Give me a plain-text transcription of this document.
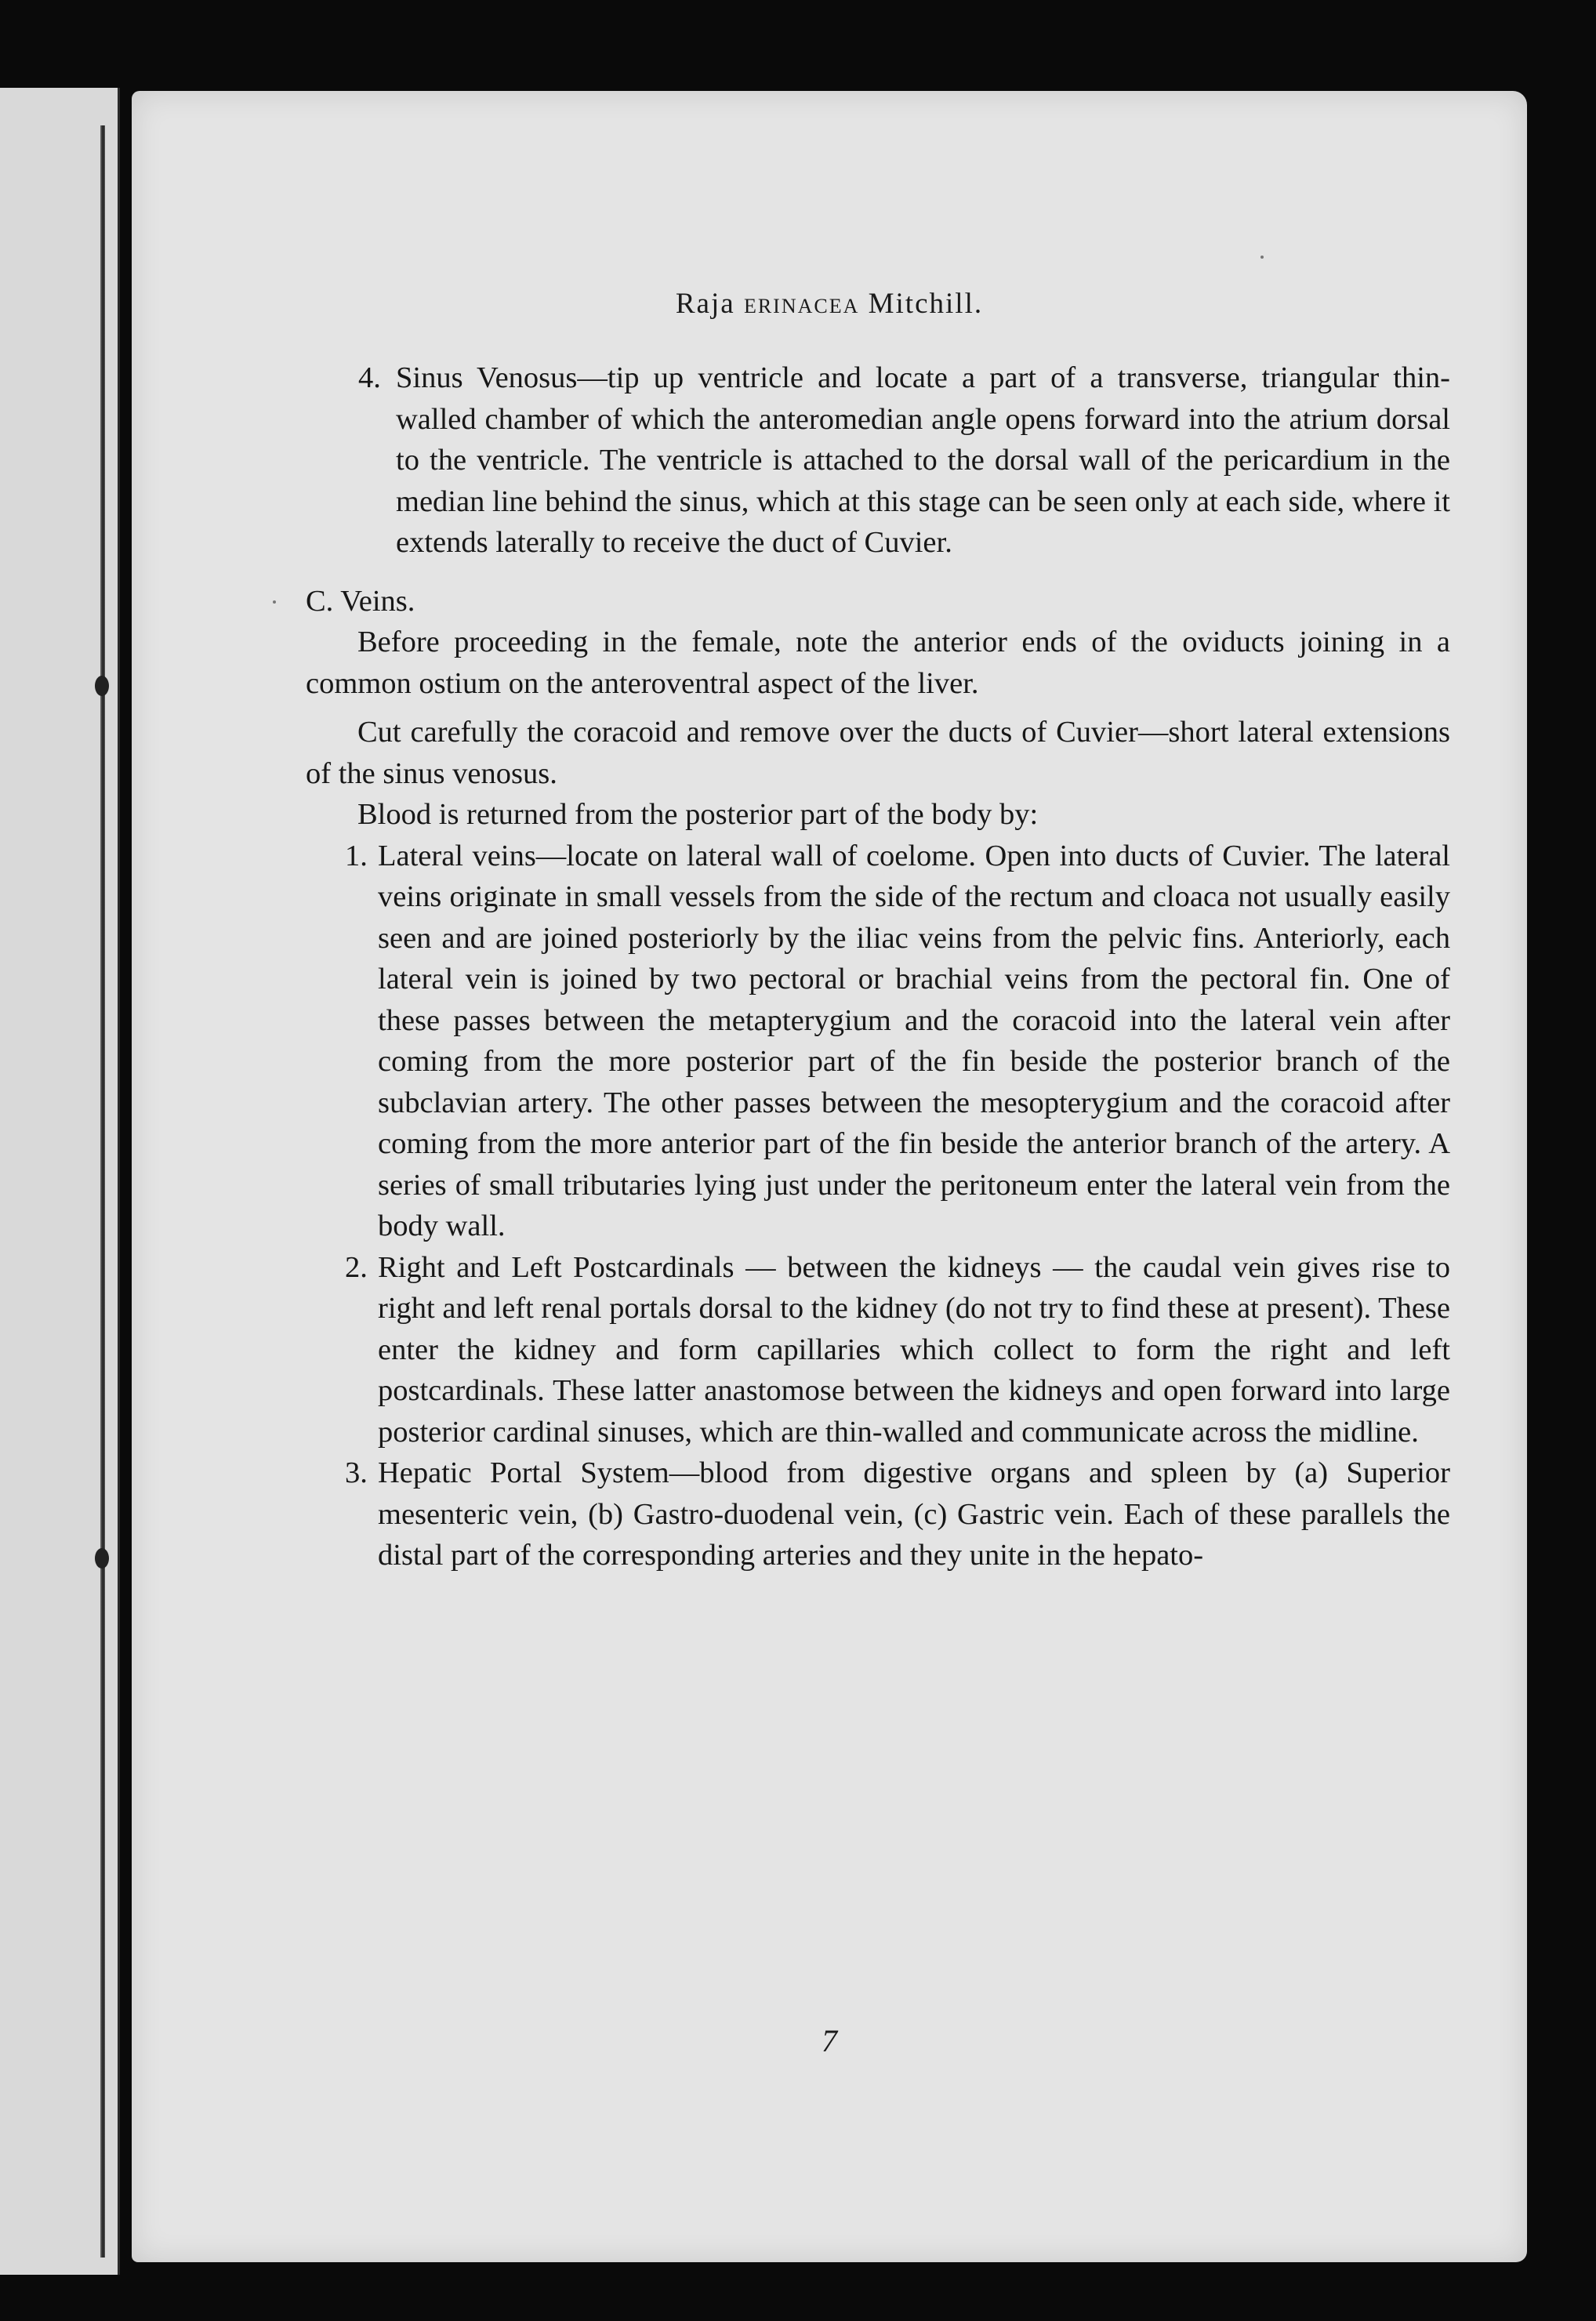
Raja erinacea Mitchill.

4. Sinus Venosus—tip up ventricle and locate a part of a transverse, triangular thin-walled chamber of which the anteromedian angle opens forward into the atrium dorsal to the ventricle. The ventricle is attached to the dorsal wall of the pericardium in the median line behind the sinus, which at this stage can be seen only at each side, where it extends laterally to receive the duct of Cuvier.

C. Veins.

Before proceeding in the female, note the anterior ends of the oviducts joining in a common ostium on the anteroventral aspect of the liver.

Cut carefully the coracoid and remove over the ducts of Cuvier—short lateral extensions of the sinus venosus.

Blood is returned from the posterior part of the body by:

1. Lateral veins—locate on lateral wall of coelome. Open into ducts of Cuvier. The lateral veins originate in small vessels from the side of the rectum and cloaca not usually easily seen and are joined posteriorly by the iliac veins from the pelvic fins. Anteriorly, each lateral vein is joined by two pectoral or brachial veins from the pectoral fin. One of these passes between the metapterygium and the coracoid into the lateral vein after coming from the more posterior part of the fin beside the posterior branch of the subclavian artery. The other passes between the mesopterygium and the coracoid after coming from the more anterior part of the fin beside the anterior branch of the artery. A series of small tributaries lying just under the peritoneum enter the lateral vein from the body wall.

2. Right and Left Postcardinals — between the kidneys — the caudal vein gives rise to right and left renal portals dorsal to the kidney (do not try to find these at present). These enter the kidney and form capillaries which collect to form the right and left postcardinals. These latter anastomose between the kidneys and open forward into large posterior cardinal sinuses, which are thin-walled and communicate across the midline.

3. Hepatic Portal System—blood from digestive organs and spleen by (a) Superior mesenteric vein, (b) Gastro-duodenal vein, (c) Gastric vein. Each of these parallels the distal part of the corresponding arteries and they unite in the hepato-

7
